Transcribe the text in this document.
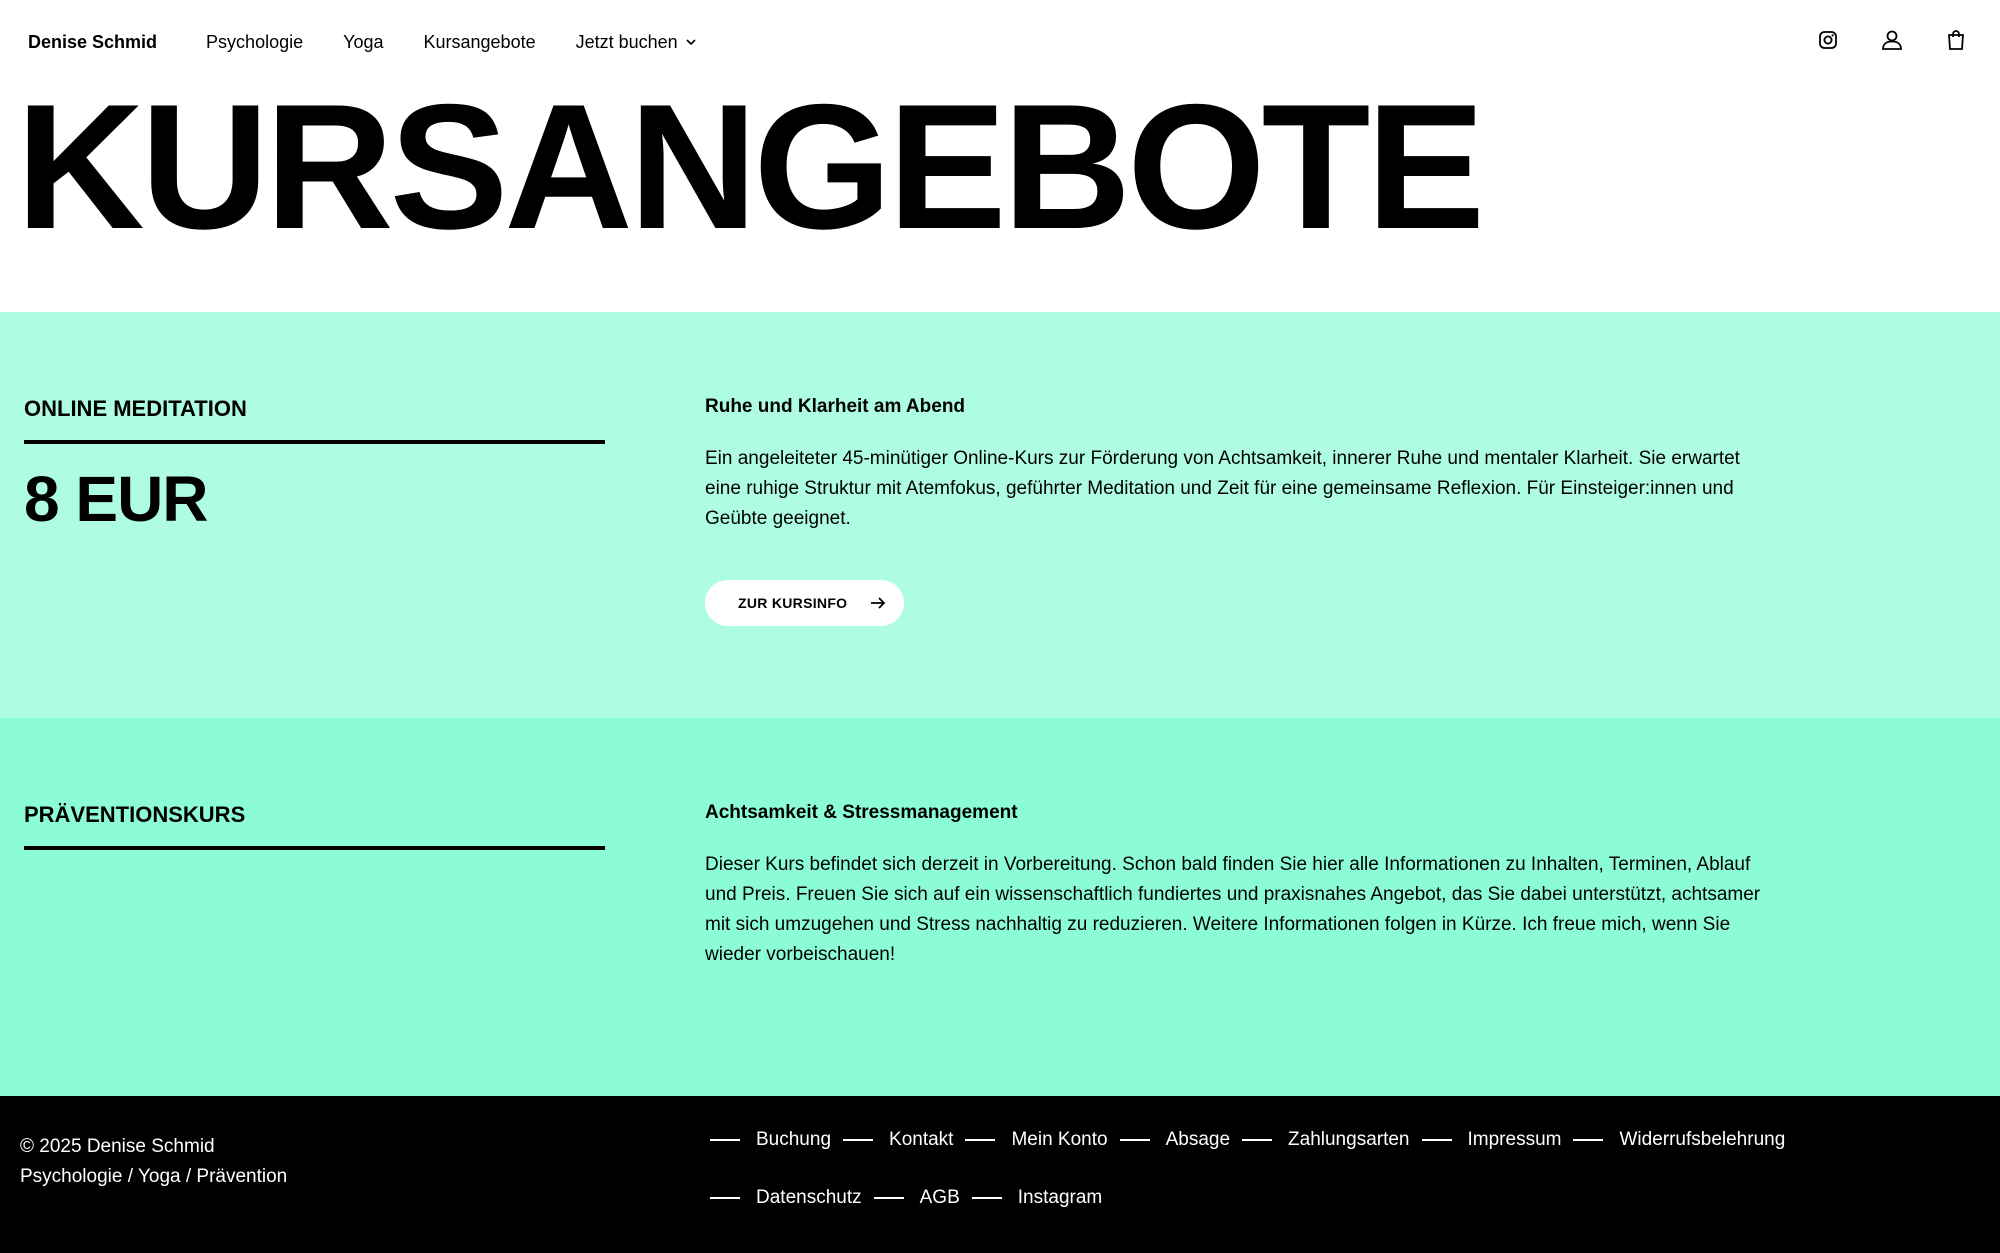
Denise Schmid	Psychologie Yoga Kursangebote Jetzt buchen
KURSANGEBOTE
ONLINE MEDITATION
8 EUR
Ruhe und Klarheit am Abend
Ein angeleiteter 45-minütiger Online-Kurs zur Förderung von Achtsamkeit, innerer Ruhe und mentaler Klarheit. Sie erwartet eine ruhige Struktur mit Atemfokus, geführter Meditation und Zeit für eine gemeinsame Reflexion. Für Einsteiger:innen und Geübte geeignet.
ZUR KURSINFO
PRÄVENTIONSKURS	Achtsamkeit & Stressmanagement
Dieser Kurs befindet sich derzeit in Vorbereitung. Schon bald finden Sie hier alle Informationen zu Inhalten, Terminen, Ablauf und Preis. Freuen Sie sich auf ein wissenschaftlich fundiertes und praxisnahes Angebot, das Sie dabei unterstützt, achtsamer mit sich umzugehen und Stress nachhaltig zu reduzieren. Weitere Informationen folgen in Kürze. Ich freue mich, wenn Sie wieder vorbeischauen!
© 2025 Denise Schmid
Psychologie / Yoga / Prävention
Buchung	Kontakt	Mein Konto	Absage	Zahlungsarten	Impressum	Widerrufsbelehrung
Datenschutz	AGB	Instagram
